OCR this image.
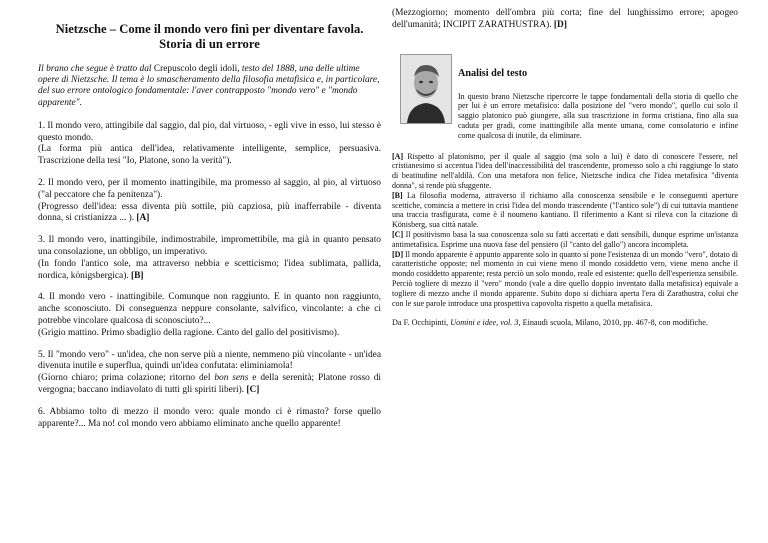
Nietzsche – Come il mondo vero finì per diventare favola.
Storia di un errore

Il brano che segue è tratto dal Crepuscolo degli idoli, testo del 1888, una delle ultime opere di Nietzsche. Il tema è lo smascheramento della filosofia metafisica e, in particolare, del suo errore ontologico fondamentale: l'aver contrapposto "mondo vero" e "mondo apparente".

1. Il mondo vero, attingibile dal saggio, dal pio, dal virtuoso, - egli vive in esso, lui stesso è questo mondo.
(La forma più antica dell'idea, relativamente intelligente, semplice, persuasiva. Trascrizione della tesi "Io, Platone, sono la verità").

2. Il mondo vero, per il momento inattingibile, ma promesso al saggio, al pio, al virtuoso ("al peccatore che fa penitenza").
(Progresso dell'idea: essa diventa più sottile, più capziosa, più inafferrabile - diventa donna, si cristianizza ... ). [A]

3. Il mondo vero, inattingibile, indimostrabile, impromettibile, ma già in quanto pensato una consolazione, un obbligo, un imperativo.
(In fondo l'antico sole, ma attraverso nebbia e scetticismo; l'idea sublimata, pallida, nordica, königsbergica). [B]

4. Il mondo vero - inattingibile. Comunque non raggiunto. E in quanto non raggiunto, anche sconosciuto. Di conseguenza neppure consolante, salvifico, vincolante: a che ci potrebbe vincolare qualcosa di sconosciuto?...
(Grigio mattino. Primo sbadiglio della ragione. Canto del gallo del positivismo).

5. Il "mondo vero" - un'idea, che non serve più a niente, nemmeno più vincolante - un'idea divenuta inutile e superflua, quindi un'idea confutata: eliminiamola!
(Giorno chiaro; prima colazione; ritorno del bon sens e della serenità; Platone rosso di vergogna; baccano indiavolato di tutti gli spiriti liberi). [C]

6. Abbiamo tolto di mezzo il mondo vero: quale mondo ci è rimasto? forse quello apparente?... Ma no! col mondo vero abbiamo eliminato anche quello apparente!

(Mezzogiorno; momento dell'ombra più corta; fine del lunghissimo errore; apogeo dell'umanità; INCIPIT ZARATHUSTRA). [D]

Analisi del testo
In questo brano Nietzsche ripercorre le tappe fondamentali della storia di quello che per lui è un errore metafisico: dalla posizione del "vero mondo", quello cui solo il saggio platonico può giungere, alla sua trascrizione in forma cristiana, fino alla sua caduta per gradi, come inattingibile alla mente umana, come consolatorio e infine come qualcosa di inutile, da eliminare.
[A] Rispetto al platonismo, per il quale al saggio (ma solo a lui) è dato di conoscere l'essere, nel cristianesimo si accentua l'idea dell'inaccessibilità del trascendente, promesso solo a chi raggiunge lo stato di beatitudine nell'aldilà. Con una metafora non felice, Nietzsche indica che l'idea metafisica "diventa donna", si rende più sfuggente.
[B] La filosofia moderna, attraverso il richiamo alla conoscenza sensibile e le conseguenti aperture scettiche, comincia a mettere in crisi l'idea del mondo trascendente ("l'antico sole") di cui tuttavia mantiene una traccia trasfigurata, come è il noumeno kantiano. Il riferimento a Kant si rileva con la citazione di Könisberg, sua città natale.
[C] Il positivismo basa la sua conoscenza solo su fatti accertati e dati sensibili, dunque esprime un'istanza antimetafisica. Esprime una nuova fase del pensiero (il "canto del gallo") ancora incompleta.
[D] Il mondo apparente è appunto apparente solo in quanto si pone l'esistenza di un mondo "vero", dotato di caratteristiche opposte; nel momento in cui viene meno il mondo cosiddetto vero, viene meno anche il mondo cosiddetto apparente; resta perciò un solo mondo, reale ed esistente: quello dell'esperienza sensibile. Perciò togliere di mezzo il "vero" mondo (vale a dire quello doppio inventato dalla metafisica) equivale a togliere di mezzo anche il mondo apparente. Subito dopo si dichiara aperta l'era di Zarathustra, colui che con le sue parole introduce una prospettiva capovolta rispetto a quella metafisica.
Da F. Occhipinti, Uomini e idee, vol. 3, Einaudi scuola, Milano, 2010, pp. 467-8, con modifiche.
